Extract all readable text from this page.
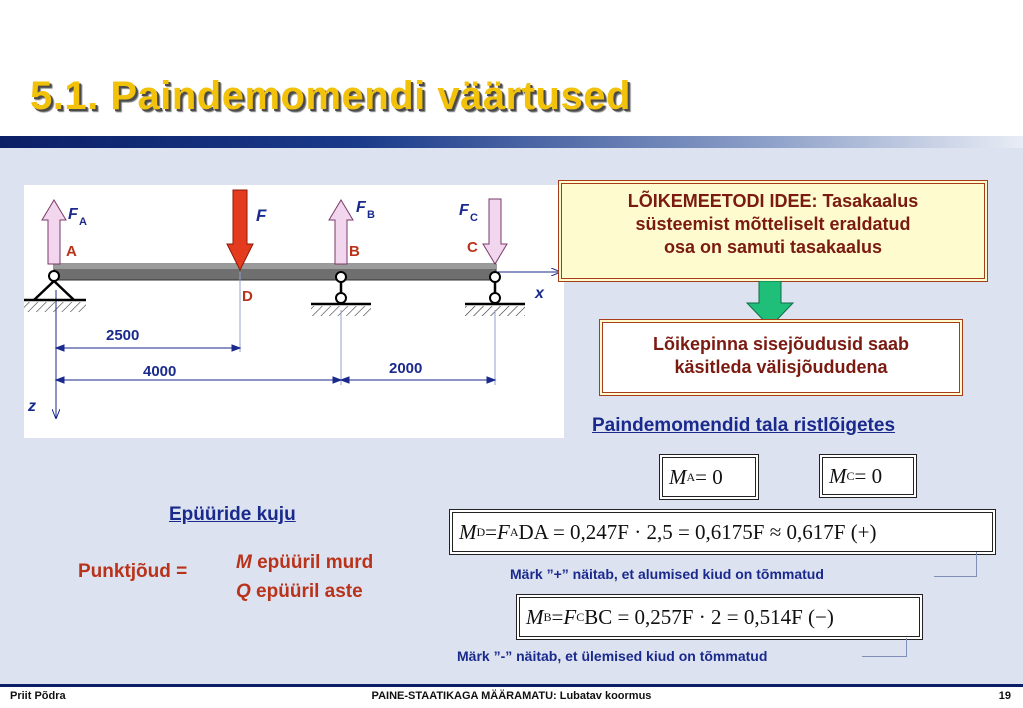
5.1. Paindemomendi väärtused
F A	F	F B	F C
x
z
2500
4000	2000
A	B	C
D
LÕIKEMEETODI IDEE: Tasakaalus
süsteemist mõtteliselt eraldatud
osa on samuti tasakaalus
Lõikepinna sisejõudusid saab
käsitleda välisjõududena
Paindemomendid tala ristlõigetes
M A = 0	M C = 0
M D = F A DA = 0,247F · 2,5 = 0,6175F ≈ 0,617F
(+)
M B = F C BC = 0,257F · 2 = 0,514F
(−)
Märk ”+” näitab, et alumised kiud on tõmmatud
Märk ”-” näitab, et ülemised kiud on tõmmatud
Epüüride kuju
Punktjõud =	M epüüril murd
Q epüüril aste
Priit Põdra	PAINE-STAATIKAGA MÄÄRAMATU: Lubatav koormus	19
